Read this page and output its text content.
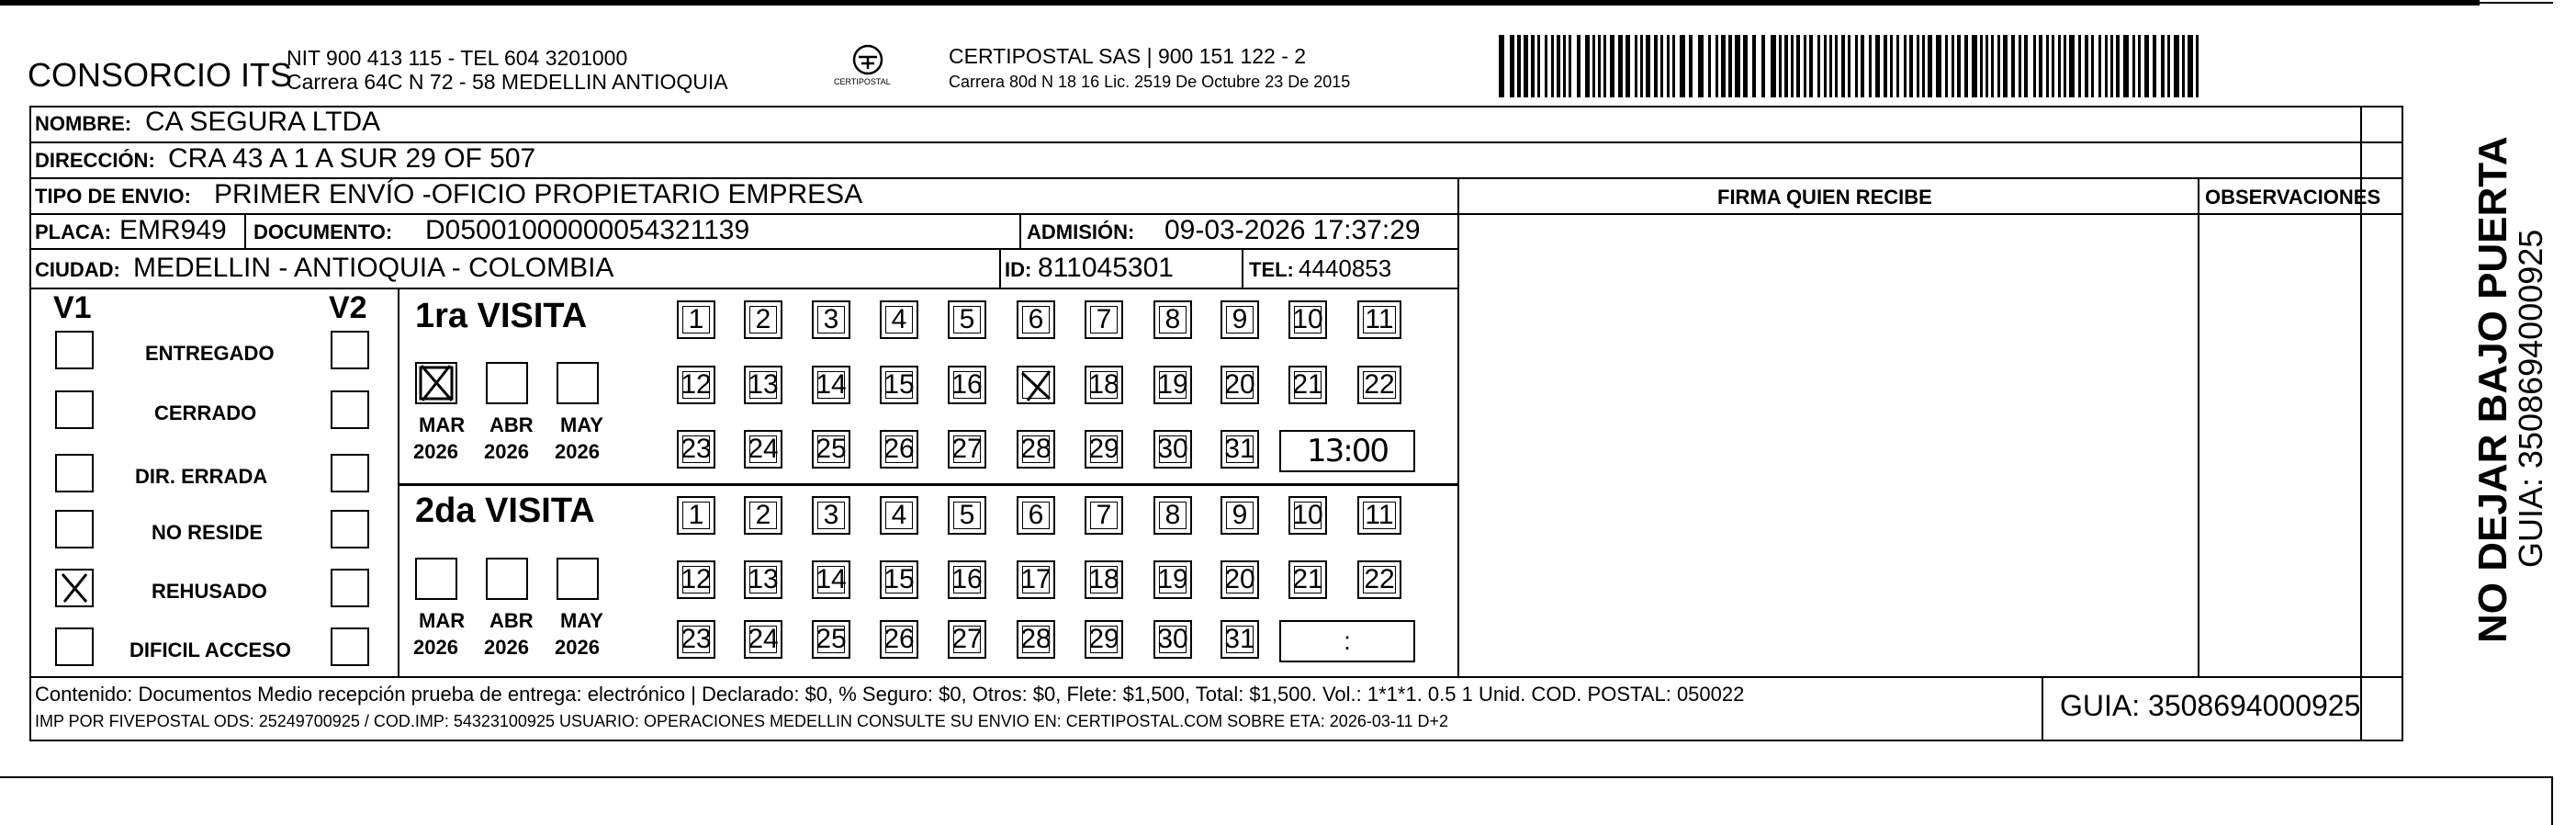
CONSORCIO ITS
NIT 900 413 115 - TEL 604 3201000
Carrera 64C N 72 - 58 MEDELLIN ANTIOQUIA	CERTIPOSTAL
CERTIPOSTAL SAS | 900 151 122 - 2
Carrera 80d N 18 16 Lic. 2519 De Octubre 23 De 2015
NOMBRE: CA SEGURA LTDA
DIRECCIÓN: CRA 43 A 1 A SUR 29 OF 507
TIPO DE ENVIO: PRIMER ENVÍO -OFICIO PROPIETARIO EMPRESA	FIRMA QUIEN RECIBE	OBSERVACIONES
PLACA: EMR949 DOCUMENTO: D05001000000054321139	ADMISIÓN: 09-03-2026 17:37:29
CIUDAD: MEDELLIN - ANTIOQUIA - COLOMBIA	ID: 811045301	TEL: 4440853
V1	V2
ENTREGADO
CERRADO
DIR. ERRADA
NO RESIDE
REHUSADO
DIFICIL ACCESO
1ra VISITA
MAR
2026
ABR
2026
MAY
2026
1	2	3	4	5	6	7	8	9	10 11
12 13 14 15 16	18 19 20 21 22
23 24 25 26 27 28 29 30 31	13:00
2da VISITA
MAR
2026
ABR
2026
MAY
2026
1	2	3	4	5	6	7	8	9	10 11
12 13 14 15 16 17 18 19 20 21 22
23 24 25 26 27 28 29 30 31	:
Contenido: Documentos Medio recepción prueba de entrega: electrónico | Declarado: $0, % Seguro: $0, Otros: $0, Flete: $1,500, Total: $1,500. Vol.: 1*1*1. 0.5 1 Unid. COD. POSTAL: 050022
IMP POR FIVEPOSTAL ODS: 25249700925 / COD.IMP: 54323100925 USUARIO: OPERACIONES MEDELLIN CONSULTE SU ENVIO EN: CERTIPOSTAL.COM SOBRE ETA: 2026-03-11 D+2	GUIA: 3508694000925
NO DEJAR BAJO PUERTA
GUIA: 3508694000925
